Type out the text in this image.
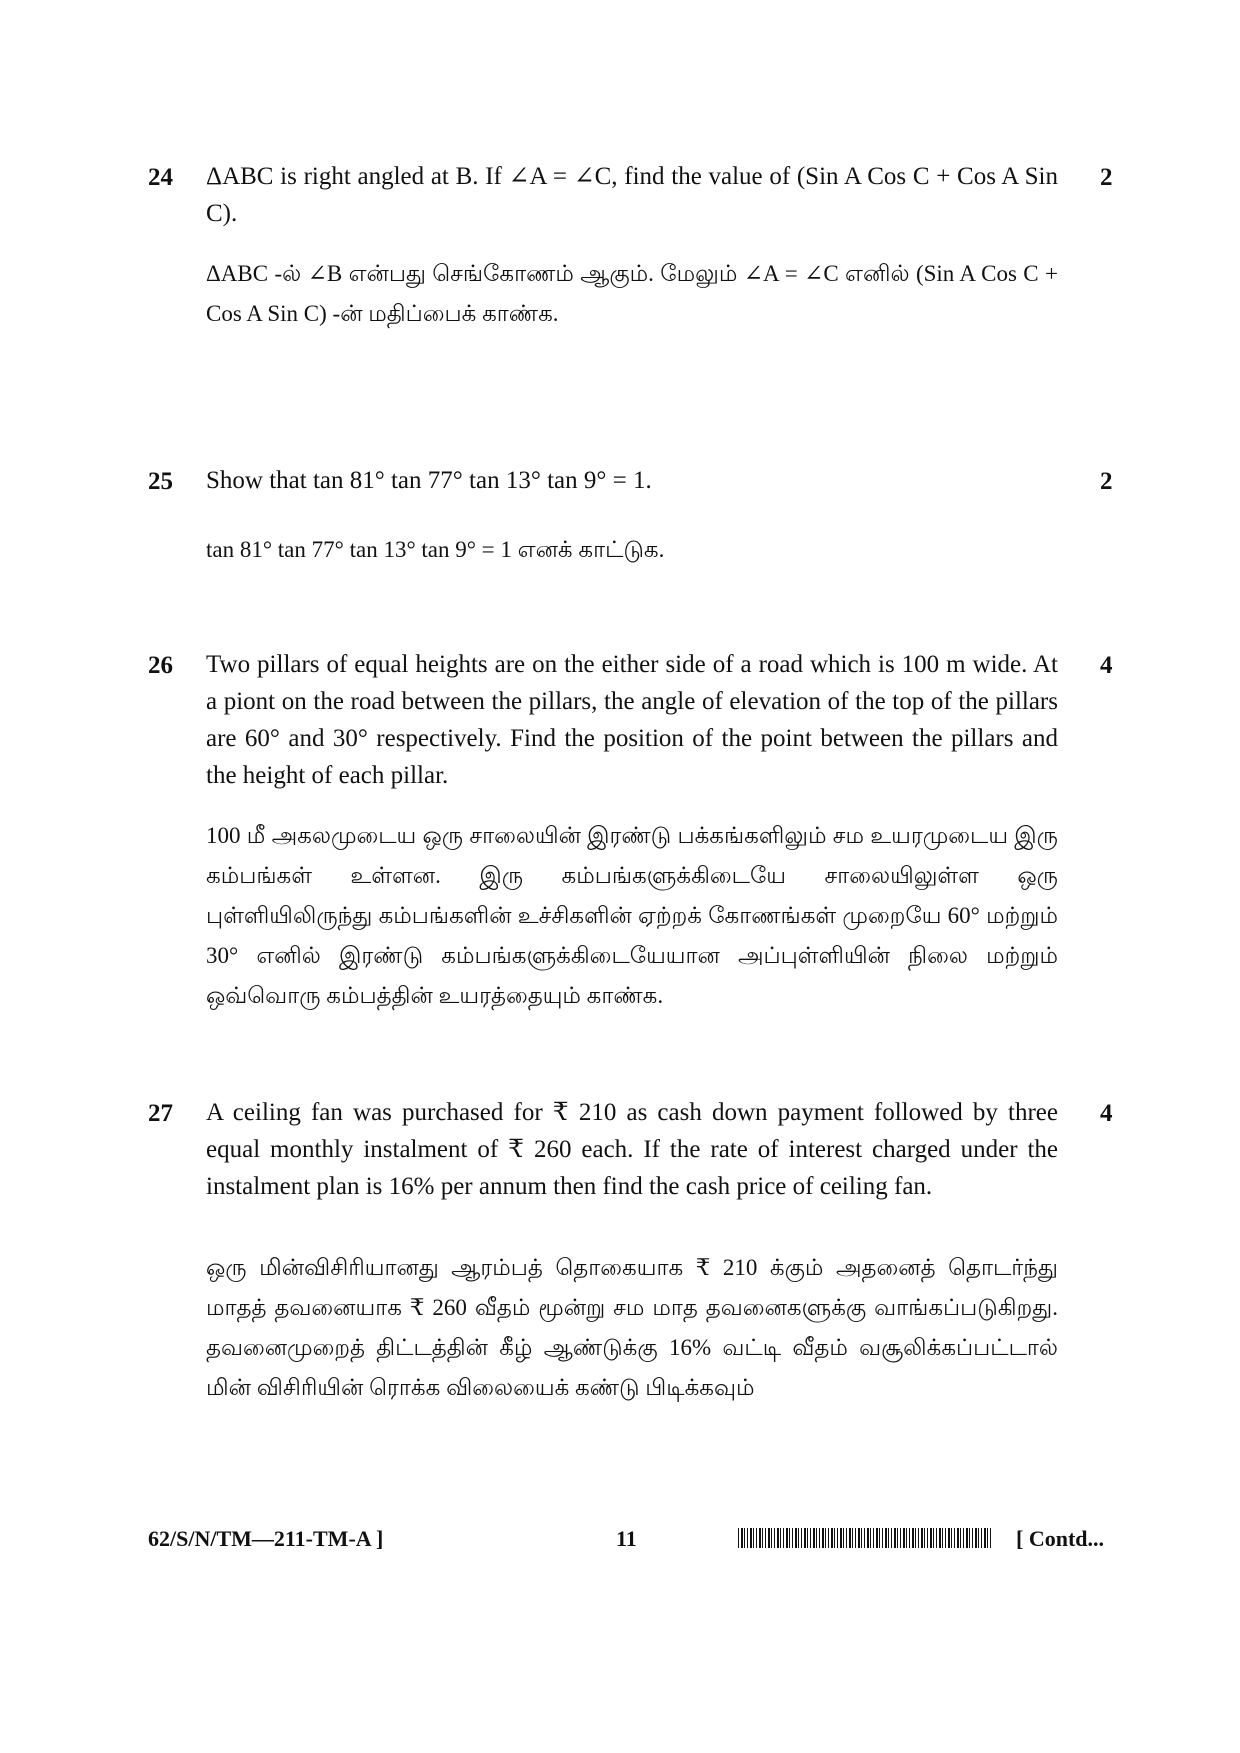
24	2
ΔABC is right angled at B. If ∠A = ∠C, find the value of (Sin A Cos C + Cos A Sin C).
ΔABC -ல் ∠B என்பது செங்கோணம் ஆகும். மேலும் ∠A = ∠C எனில் (Sin A Cos C + Cos A Sin C) -ன் மதிப்பைக் காண்க.
25	2
Show that tan 81° tan 77° tan 13° tan 9° = 1.
tan 81° tan 77° tan 13° tan 9° = 1 எனக் காட்டுக.
26	4
Two pillars of equal heights are on the either side of a road which is 100 m wide. At a piont on the road between the pillars, the angle of elevation of the top of the pillars are 60° and 30° respectively. Find the position of the point between the pillars and the height of each pillar.
100 மீ அகலமுடைய ஒரு சாலையின் இரண்டு பக்கங்களிலும் சம உயரமுடைய இரு கம்பங்கள் உள்ளன. இரு கம்பங்களுக்கிடையே சாலையிலுள்ள ஒரு புள்ளியிலிருந்து கம்பங்களின் உச்சிகளின் ஏற்றக் கோணங்கள் முறையே 60° மற்றும் 30° எனில் இரண்டு கம்பங்களுக்கிடையேயான அப்புள்ளியின் நிலை மற்றும் ஒவ்வொரு கம்பத்தின் உயரத்தையும் காண்க.
27	4
A ceiling fan was purchased for ₹ 210 as cash down payment followed by three equal monthly instalment of ₹ 260 each. If the rate of interest charged under the instalment plan is 16% per annum then find the cash price of ceiling fan.
ஒரு மின்விசிரியானது ஆரம்பத் தொகையாக ₹ 210 க்கும் அதனைத் தொடர்ந்து மாதத் தவனையாக ₹ 260 வீதம் மூன்று சம மாத தவனைகளுக்கு வாங்கப்படுகிறது. தவனைமுறைத் திட்டத்தின் கீழ் ஆண்டுக்கு 16% வட்டி வீதம் வசூலிக்கப்பட்டால் மின் விசிரியின் ரொக்க விலையைக் கண்டு பிடிக்கவும்
62/S/N/TM—211-TM-A ]	11	[ Contd...
